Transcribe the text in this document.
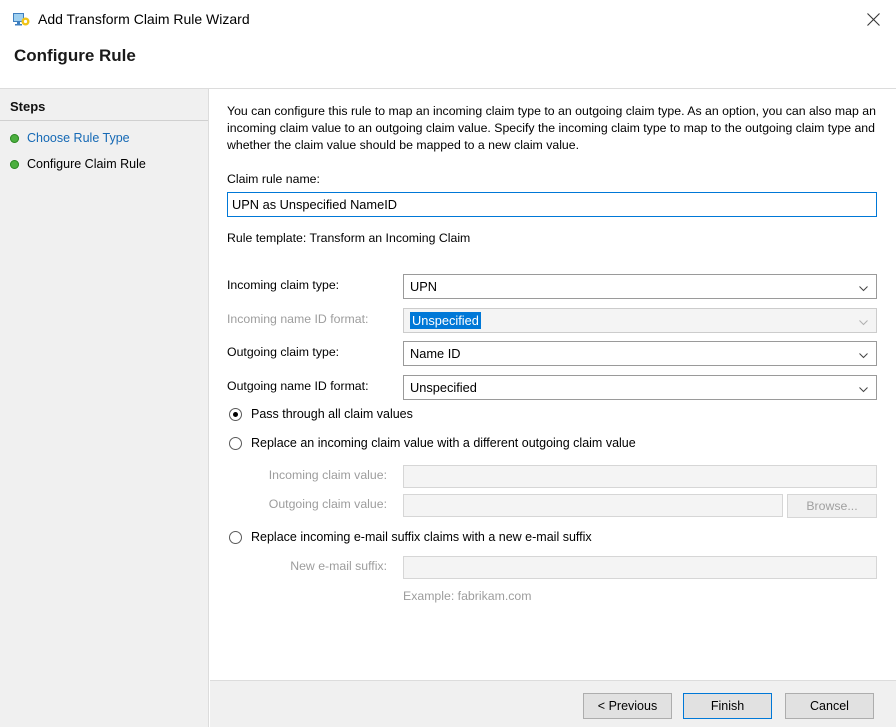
Add Transform Claim Rule Wizard
Configure Rule
Steps
Choose Rule Type
Configure Claim Rule
You can configure this rule to map an incoming claim type to an outgoing claim type. As an option, you can also map an incoming claim value to an outgoing claim value. Specify the incoming claim type to map to the outgoing claim type and whether the claim value should be mapped to a new claim value.
Claim rule name:
UPN as Unspecified NameID
Rule template: Transform an Incoming Claim
Incoming claim type:	UPN
Incoming name ID format:	Unspecified
Outgoing claim type:	Name ID
Outgoing name ID format:	Unspecified
Pass through all claim values
Replace an incoming claim value with a different outgoing claim value
Incoming claim value:
Outgoing claim value:	Browse...
Replace incoming e-mail suffix claims with a new e-mail suffix
New e-mail suffix:
Example: fabrikam.com
< Previous	Finish	Cancel
